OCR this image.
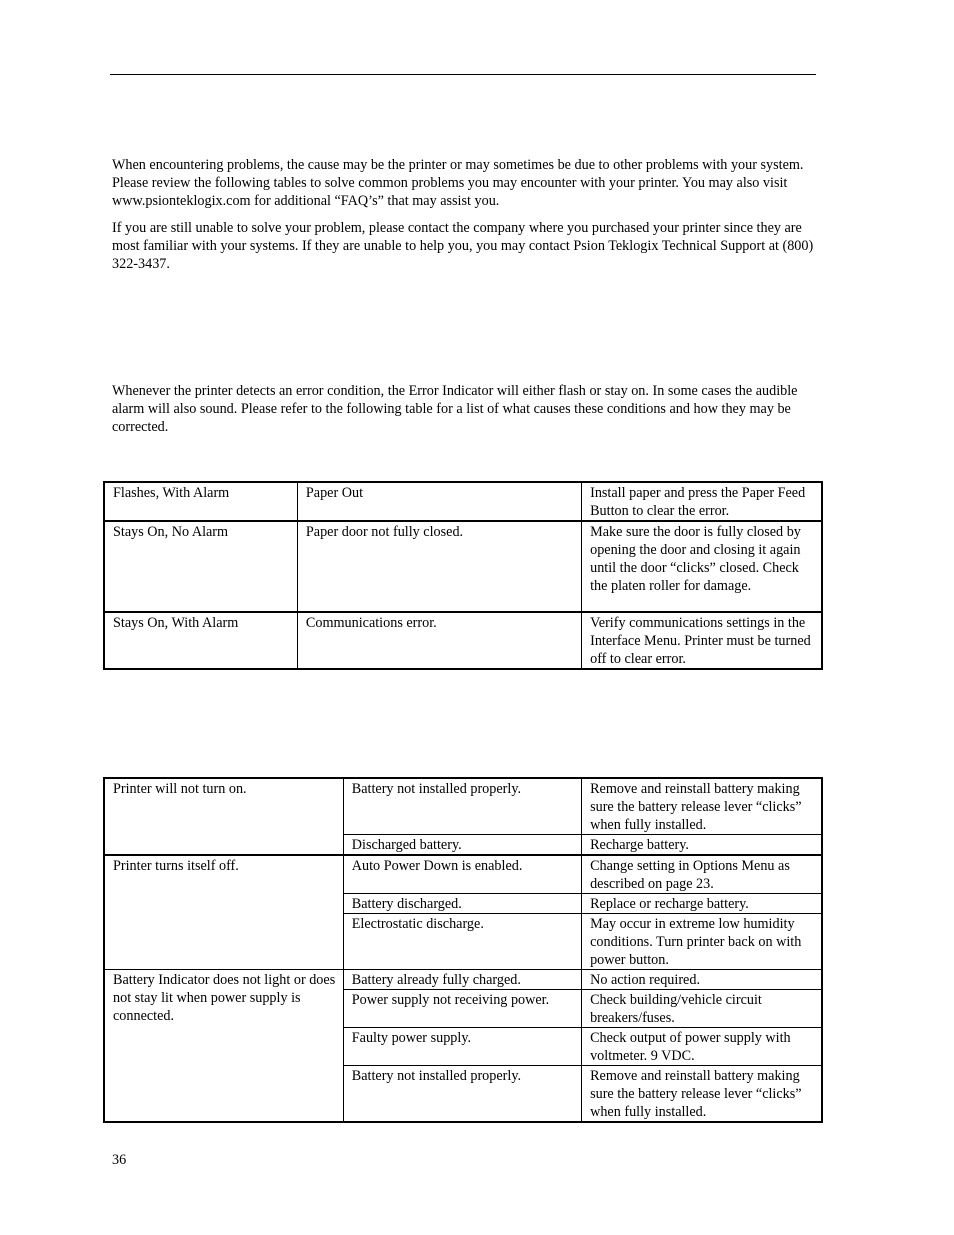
When encountering problems, the cause may be the printer or may sometimes be due to other problems with your system. Please review the following tables to solve common problems you may encounter with your printer. You may also visit www.psionteklogix.com for additional “FAQ’s” that may assist you.

If you are still unable to solve your problem, please contact the company where you purchased your printer since they are most familiar with your systems. If they are unable to help you, you may contact Psion Teklogix Technical Support at (800) 322-3437.

Whenever the printer detects an error condition, the Error Indicator will either flash or stay on. In some cases the audible alarm will also sound. Please refer to the following table for a list of what causes these conditions and how they may be corrected.

Flashes, With Alarm	Paper Out	Install paper and press the Paper Feed Button to clear the error.
Stays On, No Alarm	Paper door not fully closed.	Make sure the door is fully closed by opening the door and closing it again until the door “clicks” closed. Check the platen roller for damage.
Stays On, With Alarm	Communications error.	Verify communications settings in the Interface Menu. Printer must be turned off to clear error.
Printer will not turn on.	Battery not installed properly.	Remove and reinstall battery making sure the battery release lever “clicks” when fully installed.
	Discharged battery.	Recharge battery.
Printer turns itself off.	Auto Power Down is enabled.	Change setting in Options Menu as described on page 23.
	Battery discharged.	Replace or recharge battery.
	Electrostatic discharge.	May occur in extreme low humidity conditions. Turn printer back on with power button.
Battery Indicator does not light or does not stay lit when power supply is connected.	Battery already fully charged.	No action required.
	Power supply not receiving power.	Check building/vehicle circuit breakers/fuses.
	Faulty power supply.	Check output of power supply with voltmeter. 9 VDC.
	Battery not installed properly.	Remove and reinstall battery making sure the battery release lever “clicks” when fully installed.
36
